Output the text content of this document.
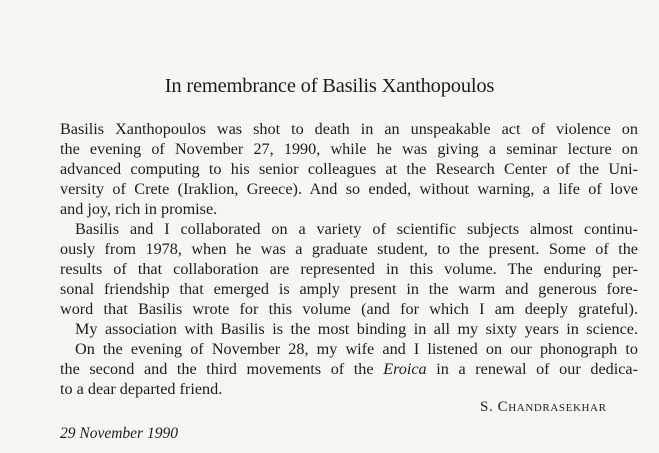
In remembrance of Basilis Xanthopoulos
Basilis Xanthopoulos was shot to death in an unspeakable act of violence on
the evening of November 27, 1990, while he was giving a seminar lecture on
advanced computing to his senior colleagues at the Research Center of the Uni-
versity of Crete (Iraklion, Greece). And so ended, without warning, a life of love
and joy, rich in promise.
Basilis and I collaborated on a variety of scientific subjects almost continu-
ously from 1978, when he was a graduate student, to the present. Some of the
results of that collaboration are represented in this volume. The enduring per-
sonal friendship that emerged is amply present in the warm and generous fore-
word that Basilis wrote for this volume (and for which I am deeply grateful).
My association with Basilis is the most binding in all my sixty years in science.
On the evening of November 28, my wife and I listened on our phonograph to
the second and the third movements of the Eroica in a renewal of our dedica-
to a dear departed friend.
S. Chandrasekhar
29 November 1990
